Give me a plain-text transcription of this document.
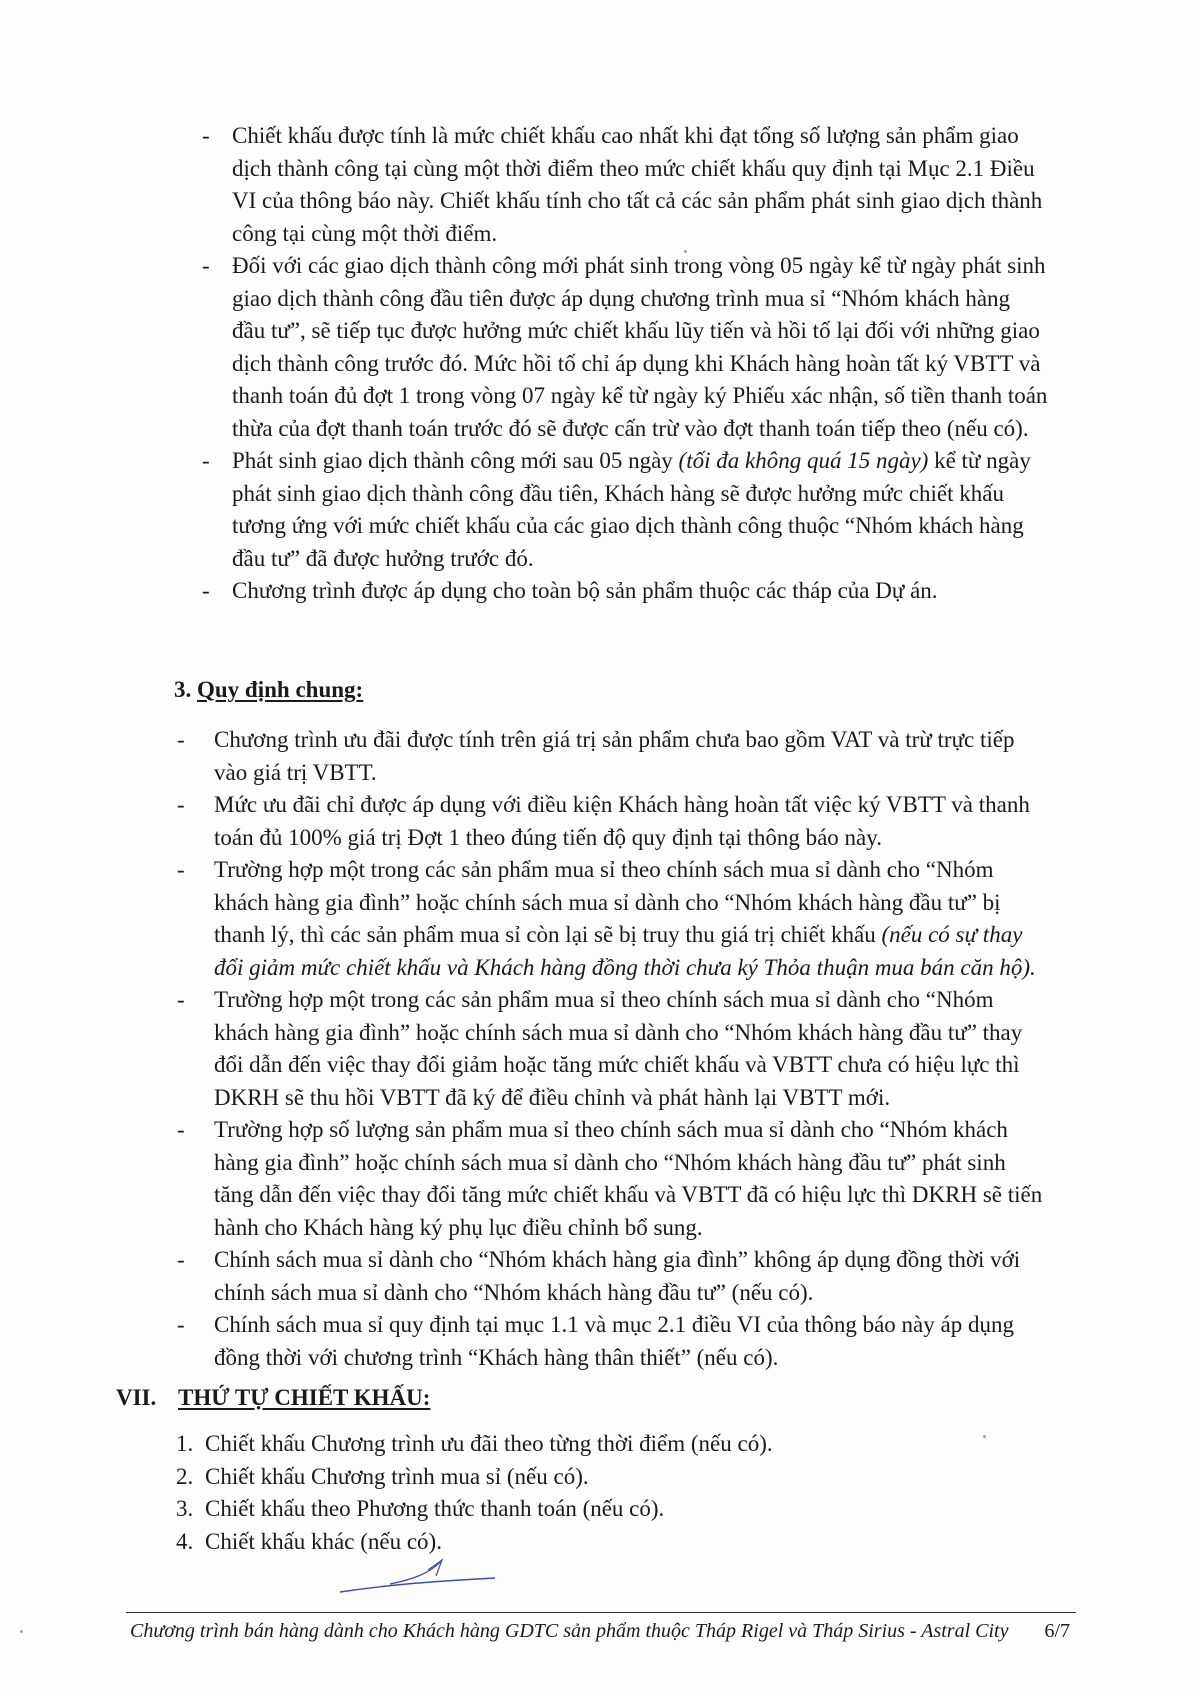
- Chiết khấu được tính là mức chiết khấu cao nhất khi đạt tổng số lượng sản phẩm giao

dịch thành công tại cùng một thời điểm theo mức chiết khấu quy định tại Mục 2.1 Điều

VI của thông báo này. Chiết khấu tính cho tất cả các sản phẩm phát sinh giao dịch thành

công tại cùng một thời điểm.

- Đối với các giao dịch thành công mới phát sinh trong vòng 05 ngày kể từ ngày phát sinh

giao dịch thành công đầu tiên được áp dụng chương trình mua sỉ “Nhóm khách hàng

đầu tư”, sẽ tiếp tục được hưởng mức chiết khấu lũy tiến và hồi tố lại đối với những giao

dịch thành công trước đó. Mức hồi tố chỉ áp dụng khi Khách hàng hoàn tất ký VBTT và

thanh toán đủ đợt 1 trong vòng 07 ngày kể từ ngày ký Phiếu xác nhận, số tiền thanh toán

thừa của đợt thanh toán trước đó sẽ được cấn trừ vào đợt thanh toán tiếp theo (nếu có).

- Phát sinh giao dịch thành công mới sau 05 ngày (tối đa không quá 15 ngày) kể từ ngày

phát sinh giao dịch thành công đầu tiên, Khách hàng sẽ được hưởng mức chiết khấu

tương ứng với mức chiết khấu của các giao dịch thành công thuộc “Nhóm khách hàng

đầu tư” đã được hưởng trước đó.

- Chương trình được áp dụng cho toàn bộ sản phẩm thuộc các tháp của Dự án.

3. Quy định chung:
- Chương trình ưu đãi được tính trên giá trị sản phẩm chưa bao gồm VAT và trừ trực tiếp

vào giá trị VBTT.

- Mức ưu đãi chỉ được áp dụng với điều kiện Khách hàng hoàn tất việc ký VBTT và thanh

toán đủ 100% giá trị Đợt 1 theo đúng tiến độ quy định tại thông báo này.

- Trường hợp một trong các sản phẩm mua sỉ theo chính sách mua sỉ dành cho “Nhóm

khách hàng gia đình” hoặc chính sách mua sỉ dành cho “Nhóm khách hàng đầu tư” bị

thanh lý, thì các sản phẩm mua sỉ còn lại sẽ bị truy thu giá trị chiết khấu (nếu có sự thay

đổi giảm mức chiết khấu và Khách hàng đồng thời chưa ký Thỏa thuận mua bán căn hộ).

- Trường hợp một trong các sản phẩm mua sỉ theo chính sách mua sỉ dành cho “Nhóm

khách hàng gia đình” hoặc chính sách mua sỉ dành cho “Nhóm khách hàng đầu tư” thay

đổi dẫn đến việc thay đổi giảm hoặc tăng mức chiết khấu và VBTT chưa có hiệu lực thì

DKRH sẽ thu hồi VBTT đã ký để điều chỉnh và phát hành lại VBTT mới.

- Trường hợp số lượng sản phẩm mua sỉ theo chính sách mua sỉ dành cho “Nhóm khách

hàng gia đình” hoặc chính sách mua sỉ dành cho “Nhóm khách hàng đầu tư” phát sinh

tăng dẫn đến việc thay đổi tăng mức chiết khấu và VBTT đã có hiệu lực thì DKRH sẽ tiến

hành cho Khách hàng ký phụ lục điều chỉnh bổ sung.

- Chính sách mua sỉ dành cho “Nhóm khách hàng gia đình” không áp dụng đồng thời với

chính sách mua sỉ dành cho “Nhóm khách hàng đầu tư” (nếu có).

- Chính sách mua sỉ quy định tại mục 1.1 và mục 2.1 điều VI của thông báo này áp dụng

đồng thời với chương trình “Khách hàng thân thiết” (nếu có).

VII. THỨ TỰ CHIẾT KHẤU:
1. Chiết khấu Chương trình ưu đãi theo từng thời điểm (nếu có).
2. Chiết khấu Chương trình mua sỉ (nếu có).
3. Chiết khấu theo Phương thức thanh toán (nếu có).
4. Chiết khấu khác (nếu có).
Chương trình bán hàng dành cho Khách hàng GDTC sản phẩm thuộc Tháp Rigel và Tháp Sirius - Astral City 6/7
